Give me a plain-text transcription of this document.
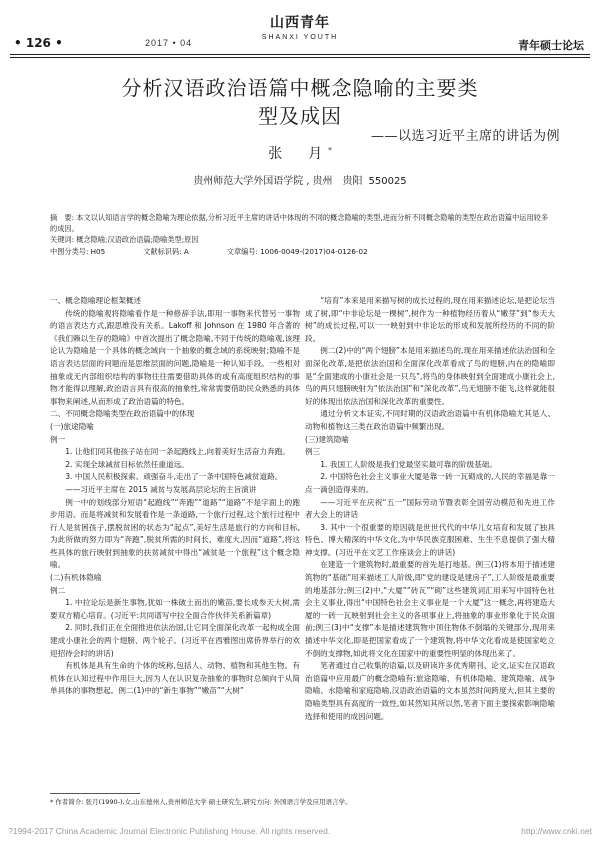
• 126 •	2017 • 04
山西青年
SHANXI YOUTH
青年硕士论坛
分析汉语政治语篇中概念隐喻的主要类
型及成因
——以选习近平主席的讲话为例
张　月*
贵州师范大学外国语学院 , 贵州　贵阳 550025

摘　要: 本文以认知语言学的概念隐喻为理论依据,分析习近平主席的讲话中体现的不同的概念隐喻的类型,进而分析不同概念隐喻的类型在政治语篇中运用较多的成因。

关键词: 概念隐喻;汉语政治语篇;隐喻类型;原因

中图分类号: H05	文献标识码: A	文章编号: 1006-0049-(2017)04-0126-02

一、概念隐喻理论框架概述

传统的隐喻观将隐喻看作是一种修辞手法,即用一事物来代替另一事物的语言表达方式,跟思维没有关系。Lakoff 和 Johnson 在 1980 年合著的《我们赖以生存的隐喻》中首次提出了概念隐喻,不同于传统的隐喻观,该理论认为隐喻是一个具体的概念域向一个抽象的概念域的系统映射;隐喻不是语言表达层面的问题而是思维层面的问题,隐喻是一种认知手段。一些相对抽象或无内部组织结构的事物往往需要借助具体的或有高度组织结构的事物才能得以理解,政治语言具有很高的抽象性,常常需要借助民众熟悉的具体事物来阐述,从而形成了政治语篇的特色。

二、不同概念隐喻类型在政治语篇中的体现

(一)旅途隐喻

例一

1. 让他们同其他孩子站在同一条起跑线上,向着美好生活奋力奔跑。

2. 实现全球减贫目标依然任重道远。

3. 中国人民积极探索、顽强奋斗,走出了一条中国特色减贫道路。

——习近平主席在 2015 减贫与发展高层论坛的主旨演讲

例一中的划线部分短语“起跑线”“奔跑”“道路”“道路”不是字面上的跑步用语。而是将减贫和发展看作是一条道路,一个旅行过程,这个旅行过程中行人是贫困孩子,摆脱贫困的状态为“起点”,美好生活是旅行的方向和目标,为此所做的努力即为“奔跑”,脱贫所需的时间长、难度大,因而“道路”,将这些具体的旅行映射到抽象的扶贫减贫中得出“减贫是一个旅程”这个概念隐喻。

(二)有机体隐喻

例二

1. 中拉论坛是新生事物,犹如一株破土而出的嫩苗,要长成参天大树,需要双方精心培育。(习近平:共同谱写中拉全面合作伙伴关系新篇章)

2. 同时,我们正在全面推进依法治国,让它同全面深化改革一起构成全面建成小康社会的两个翅膀、两个轮子。(习近平在西雅图出席侨界举行的欢迎招待会时的讲话)

有机体是具有生命的个体的统称,包括人、动物、植物和其他生物。有机体在认知过程中作用巨大,因为人在认识复杂抽象的事物时总倾向于从简单具体的事物想起。例二(1)中的“新生事物”“嫩苗”“大树”

“培育”本来是用来描写树的成长过程的,现在用来描述论坛,是把论坛当成了树,即“中非论坛是一棵树”,树作为一种植物经历着从“嫩芽”到“参天大树”的成长过程,可以一一映射到中非论坛的形成和发展所经历的不同的阶段。

例二(2)中的“两个翅膀”本是用来描述鸟的,现在用来描述依法治国和全面深化改革,是把依法治国和全面深化改革看成了鸟的翅膀,内在的隐喻即是“全面建成的小康社会是一只鸟”,将鸟的身体映射到全面建成小康社会上,鸟的两只翅膀映射为“依法治国”和“深化改革”,鸟无翅膀不能飞,这样就能很好的体现出依法治国和深化改革的重要性。

通过分析文本证实,不同时期的汉语政治语篇中有机体隐喻尤其是人、动物和植物这三类在政治语篇中频繁出现。

(三)建筑隐喻

例三

1. 我国工人阶级是我们党最坚实最可靠的阶级基础。

2. 中国特色社会主义事业大厦是靠一砖一瓦砌成的,人民的幸福是靠一点一滴创造得来的。

——习近平在庆祝“五一”国际劳动节暨表彰全国劳动模范和先进工作者大会上的讲话

3. 其中一个很重要的原因就是世世代代的中华儿女培育和发展了独具特色、博大精深的中华文化,为中华民族克服困难、生生不息提供了强大精神支撑。(习近平在文艺工作座谈会上的讲话)

在建造一个建筑物时,最重要的首先是打地基。例三(1)将本用于描述建筑物的“基础”用来描述工人阶级,即“党的建设是建房子”,工人阶级是最重要的地基部分;例三(2)中,“大厦”“砖瓦”“砌”这些建筑词汇用来写中国特色社会主义事业,得出“中国特色社会主义事业是一个大厦”这一概念,再将建造大厦的一砖一瓦映射到社会主义的各项事业上,将抽象的事业形象化于民众面前;例三(3)中“支撑”本是描述建筑物中顶住物体不倒塌的关键部分,现用来描述中华文化,即是把国家看成了一个建筑物,将中华文化看成是使国家屹立不倒的支撑物,如此将文化在国家中的重要性明显的体现出来了。

笔者通过自己收集的语篇,以及研读许多优秀期刊、论文,证实在汉语政治语篇中应用最广的概念隐喻有:旅途隐喻、有机体隐喻、建筑隐喻、战争隐喻、水隐喻和家庭隐喻,汉语政治语篇的文本虽然时间跨度大,但其主要的隐喻类型具有高度的一致性,如其然知其所以然,笔者下面主要探索影响隐喻选择和使用的成因问题。

* 作者简介: 张月(1990-),女,山东德州人,贵州师范大学 硕士研究生,研究方向: 外国语言学及应用语言学。
?1994-2017 China Academic Journal Electronic Publishing House. All rights reserved.	http://www.cnki.net
